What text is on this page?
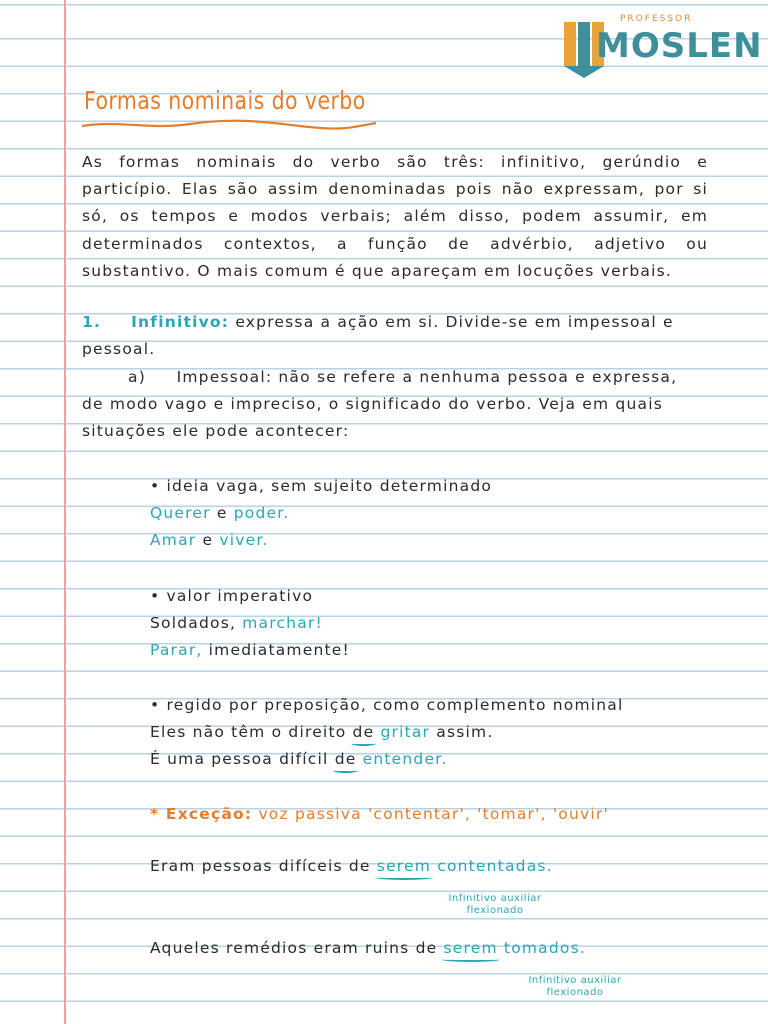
PROFESSOR
MOSLEN
Formas nominais do verbo
As formas nominais do verbo são três: infinitivo, gerúndio e particípio. Elas são assim denominadas pois não expressam, por si só, os tempos e modos verbais; além disso, podem assumir, em determinados contextos, a função de advérbio, adjetivo ou substantivo. O mais comum é que apareçam em locuções verbais.
1. Infinitivo: expressa a ação em si. Divide-se em impessoal e
pessoal.
a)     Impessoal: não se refere a nenhuma pessoa e expressa,
de modo vago e impreciso, o significado do verbo. Veja em quais
situações ele pode acontecer:
• ideia vaga, sem sujeito determinado
Querer e poder.
Amar e viver.
• valor imperativo
Soldados, marchar!
Parar, imediatamente!
• regido por preposição, como complemento nominal
Eles não têm o direito de gritar assim.
É uma pessoa difícil de entender.
* Exceção: voz passiva 'contentar', 'tomar', 'ouvir'
Eram pessoas difíceis de serem contentadas.
Infinitivo auxiliar
flexionado
Aqueles remédios eram ruins de serem tomados.
Infinitivo auxiliar
flexionado
